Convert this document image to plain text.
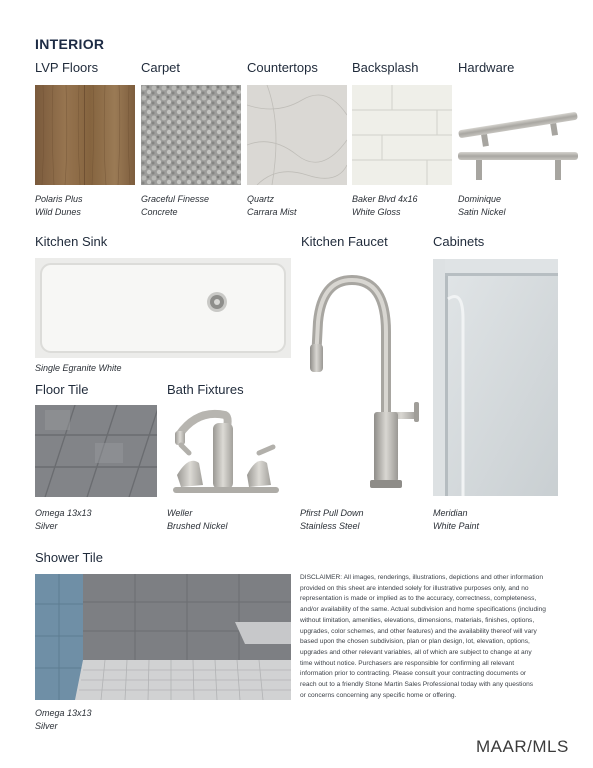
INTERIOR
LVP Floors	Carpet	Countertops	Backsplash	Hardware
Polaris Plus
Wild Dunes
Graceful Finesse
Concrete
Quartz
Carrara Mist
Baker Blvd 4x16
White Gloss
Dominique
Satin Nickel
Kitchen Sink	Kitchen Faucet	Cabinets
Single Egranite White
Pfirst Pull Down
Stainless Steel
Meridian
White Paint
Floor Tile	Bath Fixtures
Omega 13x13
Silver
Weller
Brushed Nickel
Shower Tile
Omega 13x13
Silver
DISCLAIMER: All images, renderings, illustrations, depictions and other information
provided on this sheet are intended solely for illustrative purposes only, and no
representation is made or implied as to the accuracy, correctness, completeness,
and/or availability of the same. Actual subdivision and home specifications (including
without limitation, amenities, elevations, dimensions, materials, finishes, options,
upgrades, color schemes, and other features) and the availability thereof will vary
based upon the chosen subdivision, plan or plan design, lot, elevation, options,
upgrades and other relevant variables, all of which are subject to change at any
time without notice. Purchasers are responsible for confirming all relevant
information prior to contracting. Please consult your contracting documents or
reach out to a friendly Stone Martin Sales Professional today with any questions
or concerns concerning any specific home or offering.
MAAR/MLS
